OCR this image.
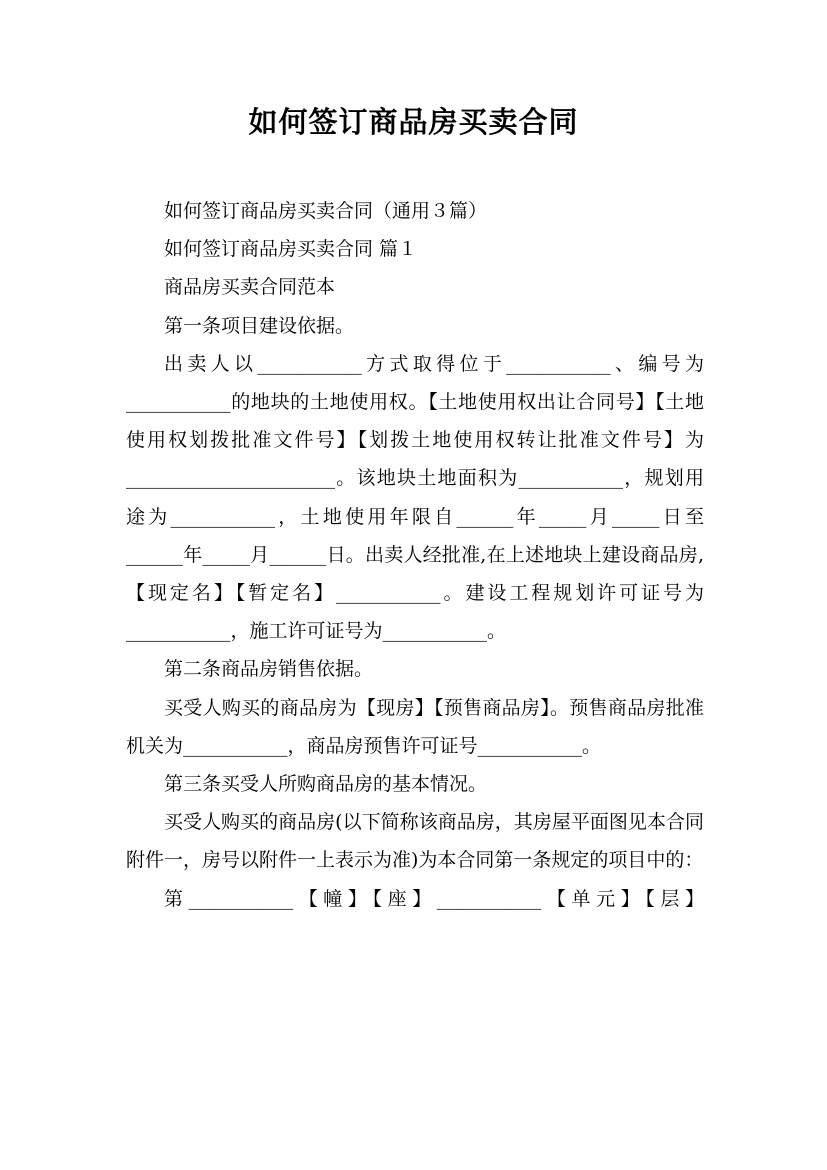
如何签订商品房买卖合同

如何签订商品房买卖合同（通用３篇）

如何签订商品房买卖合同 篇１

商品房买卖合同范本

第一条项目建设依据。

出卖人以___________方式取得位于___________、编号为___________的地块的土地使用权。【土地使用权出让合同号】【土地使用权划拨批准文件号】【划拨土地使用权转让批准文件号】为______________________。该地块土地面积为___________，规划用途为___________，土地使用年限自______年_____月_____日至______年_____月______日。出卖人经批准,在上述地块上建设商品房,【现定名】【暂定名】___________。建设工程规划许可证号为___________，施工许可证号为___________。

第二条商品房销售依据。

买受人购买的商品房为【现房】【预售商品房】。预售商品房批准机关为___________，商品房预售许可证号___________。

第三条买受人所购商品房的基本情况。

买受人购买的商品房(以下简称该商品房，其房屋平面图见本合同附件一，房号以附件一上表示为准)为本合同第一条规定的项目中的：

第___________【幢】【座】___________【单元】【层】
